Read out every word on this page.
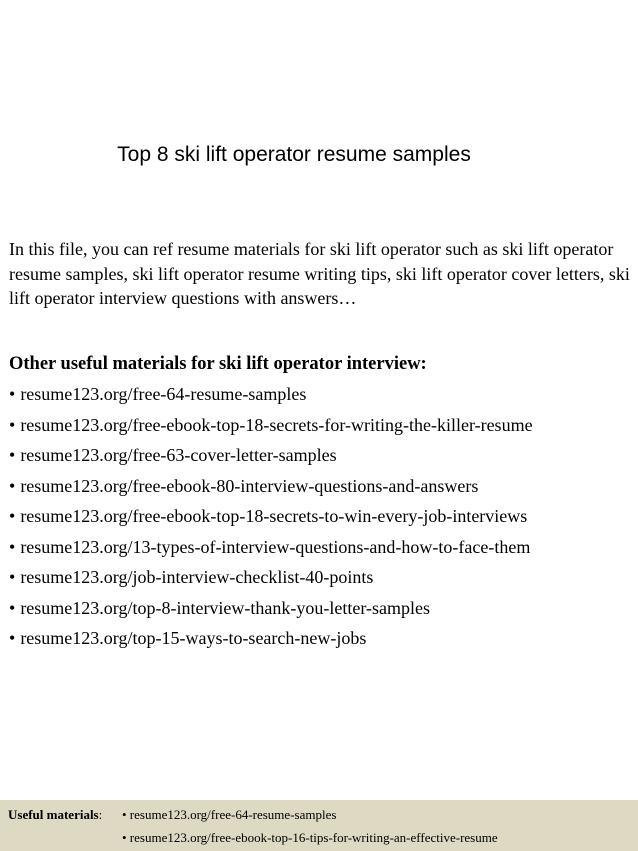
Top 8 ski lift operator resume samples

In this file, you can ref resume materials for ski lift operator such as ski lift operator resume samples, ski lift operator resume writing tips, ski lift operator cover letters, ski lift operator interview questions with answers…

Other useful materials for ski lift operator interview:

• resume123.org/free-64-resume-samples
• resume123.org/free-ebook-top-18-secrets-for-writing-the-killer-resume
• resume123.org/free-63-cover-letter-samples
• resume123.org/free-ebook-80-interview-questions-and-answers
• resume123.org/free-ebook-top-18-secrets-to-win-every-job-interviews
• resume123.org/13-types-of-interview-questions-and-how-to-face-them
• resume123.org/job-interview-checklist-40-points
• resume123.org/top-8-interview-thank-you-letter-samples
• resume123.org/top-15-ways-to-search-new-jobs
Useful materials: • resume123.org/free-64-resume-samples
• resume123.org/free-ebook-top-16-tips-for-writing-an-effective-resume
